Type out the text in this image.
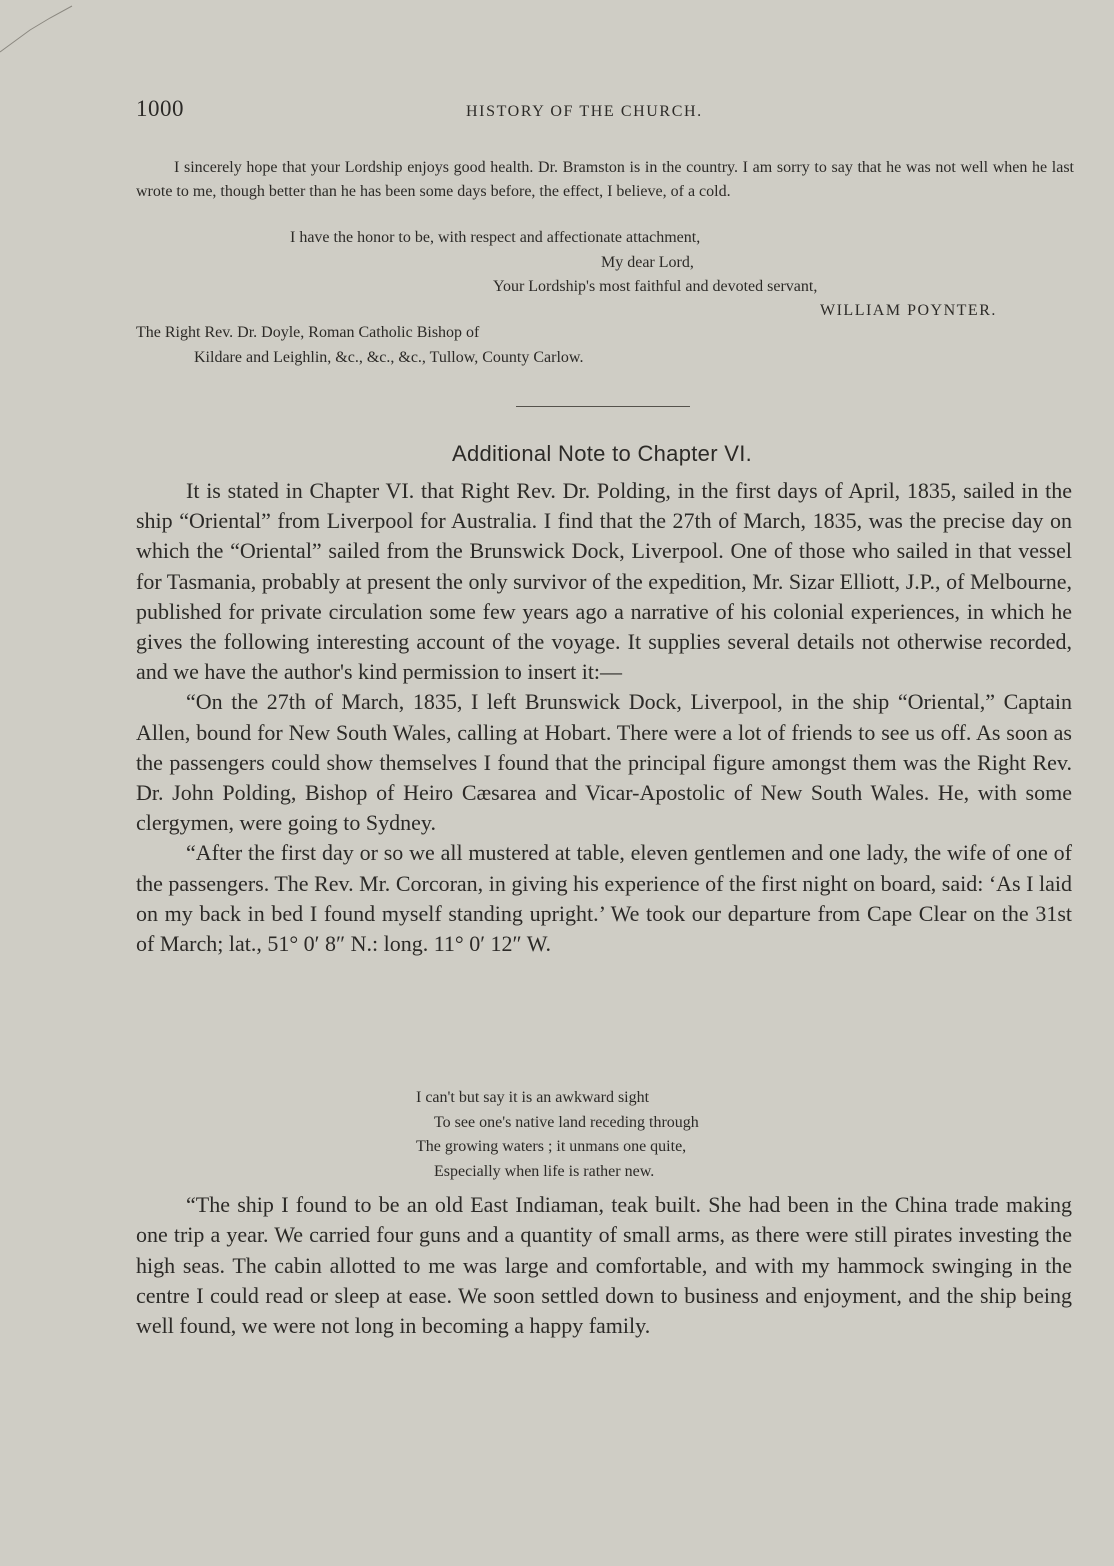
1000	HISTORY OF THE CHURCH.

I sincerely hope that your Lordship enjoys good health. Dr. Bramston is in the country. I am sorry to say that he was not well when he last wrote to me, though better than he has been some days before, the effect, I believe, of a cold.

I have the honor to be, with respect and affectionate attachment,
My dear Lord,
Your Lordship's most faithful and devoted servant,
WILLIAM POYNTER.
The Right Rev. Dr. Doyle, Roman Catholic Bishop of
Kildare and Leighlin, &c., &c., &c., Tullow, County Carlow.
Additional Note to Chapter VI.

It is stated in Chapter VI. that Right Rev. Dr. Polding, in the first days of April, 1835, sailed in the ship “Oriental” from Liverpool for Australia. I find that the 27th of March, 1835, was the precise day on which the “Oriental” sailed from the Brunswick Dock, Liverpool. One of those who sailed in that vessel for Tasmania, probably at present the only survivor of the expedition, Mr. Sizar Elliott, J.P., of Melbourne, published for private circulation some few years ago a narrative of his colonial experiences, in which he gives the following interesting account of the voyage. It supplies several details not otherwise recorded, and we have the author's kind permission to insert it:—

“On the 27th of March, 1835, I left Brunswick Dock, Liverpool, in the ship “Oriental,” Captain Allen, bound for New South Wales, calling at Hobart. There were a lot of friends to see us off. As soon as the passengers could show themselves I found that the principal figure amongst them was the Right Rev. Dr. John Polding, Bishop of Heiro Cæsarea and Vicar-Apostolic of New South Wales. He, with some clergymen, were going to Sydney.

“After the first day or so we all mustered at table, eleven gentlemen and one lady, the wife of one of the passengers. The Rev. Mr. Corcoran, in giving his experience of the first night on board, said: ‘As I laid on my back in bed I found myself standing upright.’ We took our departure from Cape Clear on the 31st of March; lat., 51° 0′ 8″ N.: long. 11° 0′ 12″ W.

I can't but say it is an awkward sight
To see one's native land receding through
The growing waters ; it unmans one quite,
Especially when life is rather new.

“The ship I found to be an old East Indiaman, teak built. She had been in the China trade making one trip a year. We carried four guns and a quantity of small arms, as there were still pirates investing the high seas. The cabin allotted to me was large and comfortable, and with my hammock swinging in the centre I could read or sleep at ease. We soon settled down to business and enjoyment, and the ship being well found, we were not long in becoming a happy family.
